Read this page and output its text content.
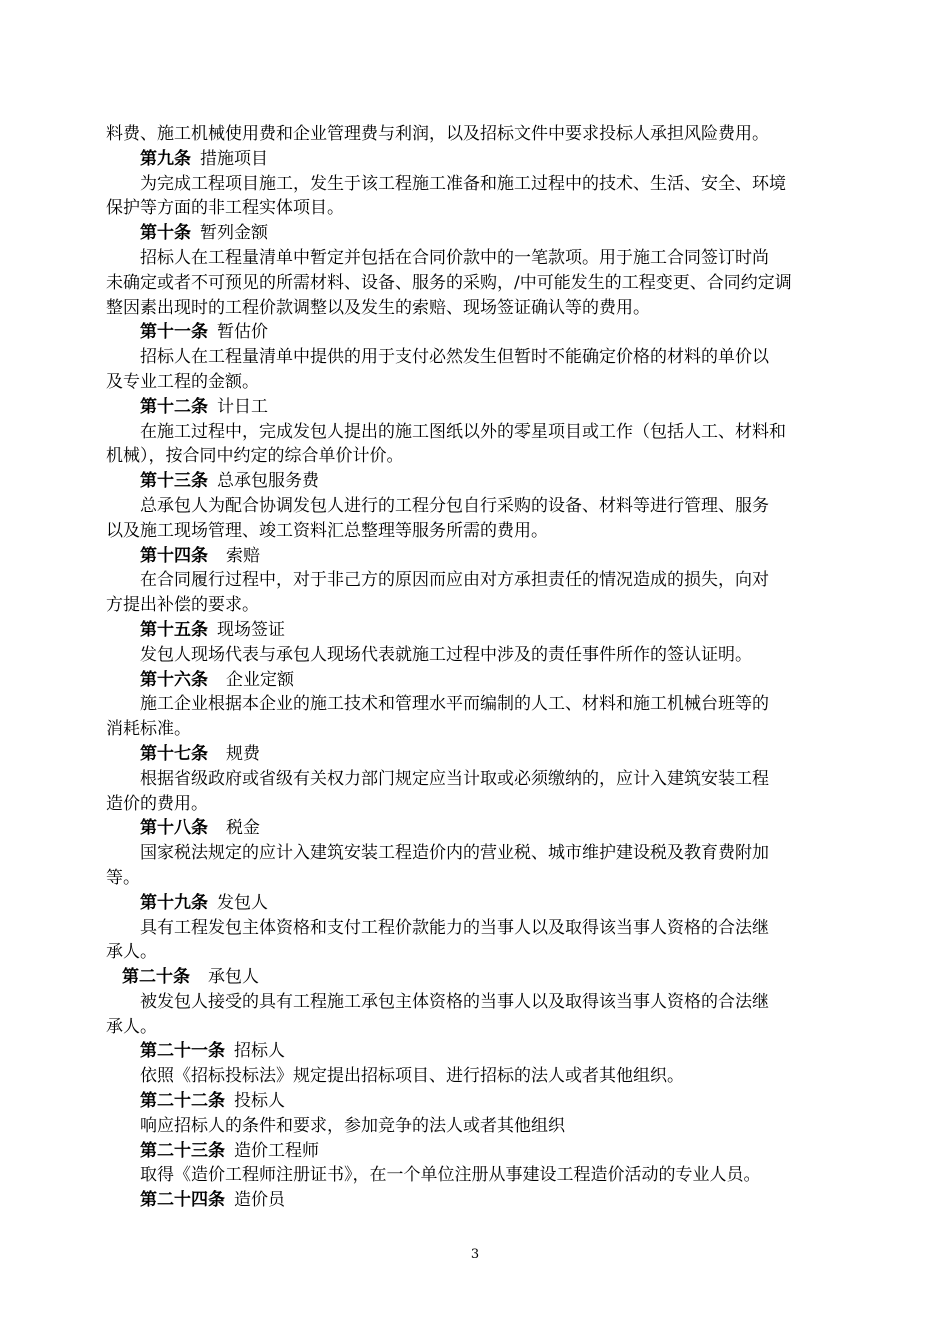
料费、施工机械使用费和企业管理费与利润，以及招标文件中要求投标人承担风险费用。
第九条 措施项目
为完成工程项目施工，发生于该工程施工准备和施工过程中的技术、生活、安全、环境
保护等方面的非工程实体项目。
第十条 暂列金额
招标人在工程量清单中暂定并包括在合同价款中的一笔款项。用于施工合同签订时尚
未确定或者不可预见的所需材料、设备、服务的采购，/中可能发生的工程变更、合同约定调
整因素出现时的工程价款调整以及发生的索赔、现场签证确认等的费用。
第十一条 暂估价
招标人在工程量清单中提供的用于支付必然发生但暂时不能确定价格的材料的单价以
及专业工程的金额。
第十二条 计日工
在施工过程中，完成发包人提出的施工图纸以外的零星项目或工作（包括人工、材料和
机械），按合同中约定的综合单价计价。
第十三条 总承包服务费
总承包人为配合协调发包人进行的工程分包自行采购的设备、材料等进行管理、服务
以及施工现场管理、竣工资料汇总整理等服务所需的费用。
第十四条 索赔
在合同履行过程中，对于非己方的原因而应由对方承担责任的情况造成的损失，向对
方提出补偿的要求。
第十五条 现场签证
发包人现场代表与承包人现场代表就施工过程中涉及的责任事件所作的签认证明。
第十六条 企业定额
施工企业根据本企业的施工技术和管理水平而编制的人工、材料和施工机械台班等的
消耗标准。
第十七条 规费
根据省级政府或省级有关权力部门规定应当计取或必须缴纳的，应计入建筑安装工程
造价的费用。
第十八条 税金
国家税法规定的应计入建筑安装工程造价内的营业税、城市维护建设税及教育费附加
等。
第十九条 发包人
具有工程发包主体资格和支付工程价款能力的当事人以及取得该当事人资格的合法继
承人。
第二十条 承包人
被发包人接受的具有工程施工承包主体资格的当事人以及取得该当事人资格的合法继
承人。
第二十一条 招标人
依照《招标投标法》规定提出招标项目、进行招标的法人或者其他组织。
第二十二条 投标人
响应招标人的条件和要求，参加竞争的法人或者其他组织
第二十三条 造价工程师
取得《造价工程师注册证书》，在一个单位注册从事建设工程造价活动的专业人员。
第二十四条 造价员
3
